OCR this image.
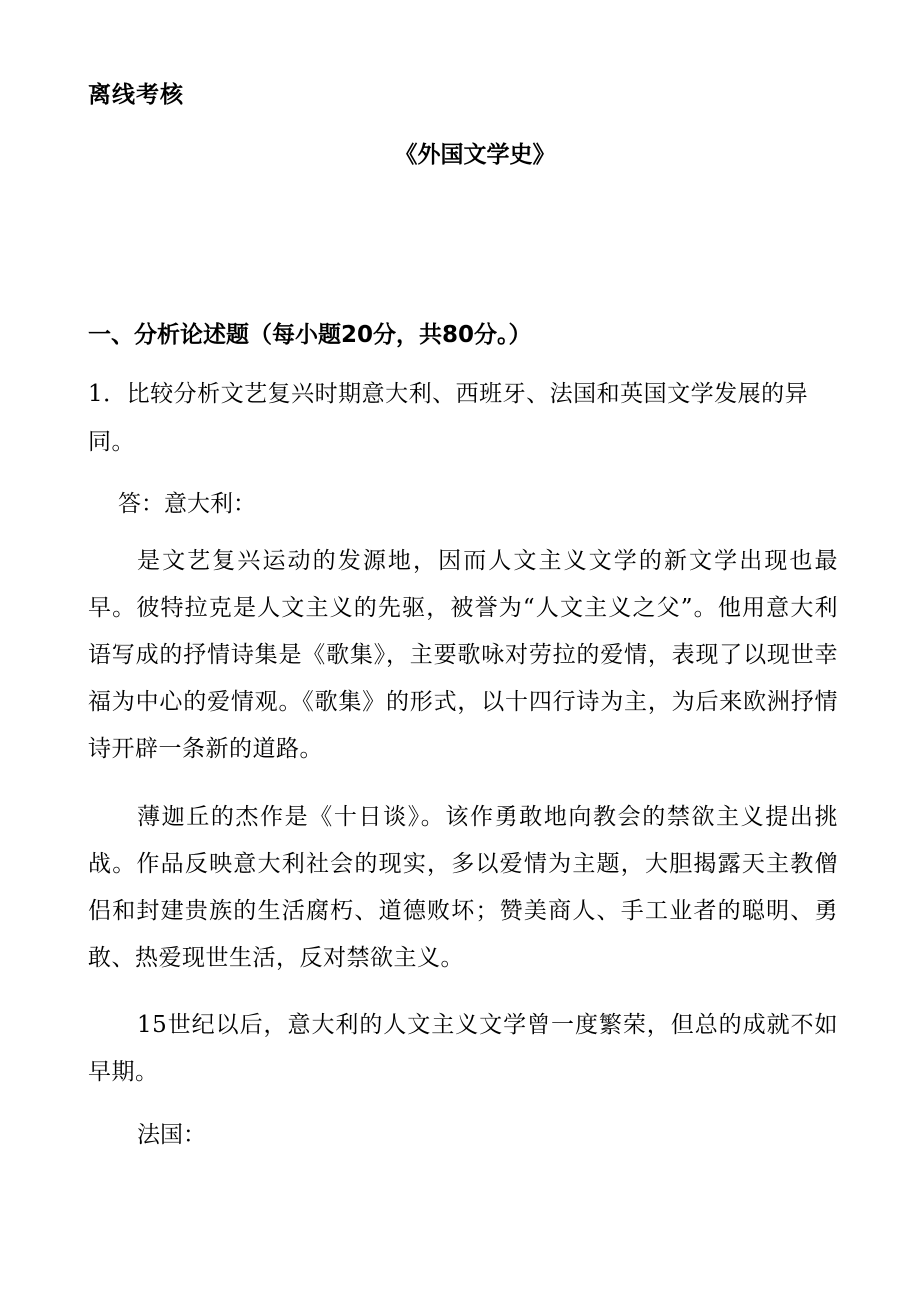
离线考核
《外国文学史》
一、分析论述题（每小题20分，共80分。）
1．比较分析文艺复兴时期意大利、西班牙、法国和英国文学发展的异同。
答：意大利：
是文艺复兴运动的发源地，因而人文主义文学的新文学出现也最早。彼特拉克是人文主义的先驱，被誉为“人文主义之父”。他用意大利语写成的抒情诗集是《歌集》，主要歌咏对劳拉的爱情，表现了以现世幸福为中心的爱情观。《歌集》的形式，以十四行诗为主，为后来欧洲抒情诗开辟一条新的道路。
薄迦丘的杰作是《十日谈》。该作勇敢地向教会的禁欲主义提出挑战。作品反映意大利社会的现实，多以爱情为主题，大胆揭露天主教僧侣和封建贵族的生活腐朽、道德败坏；赞美商人、手工业者的聪明、勇敢、热爱现世生活，反对禁欲主义。
15世纪以后，意大利的人文主义文学曾一度繁荣，但总的成就不如早期。
法国：
